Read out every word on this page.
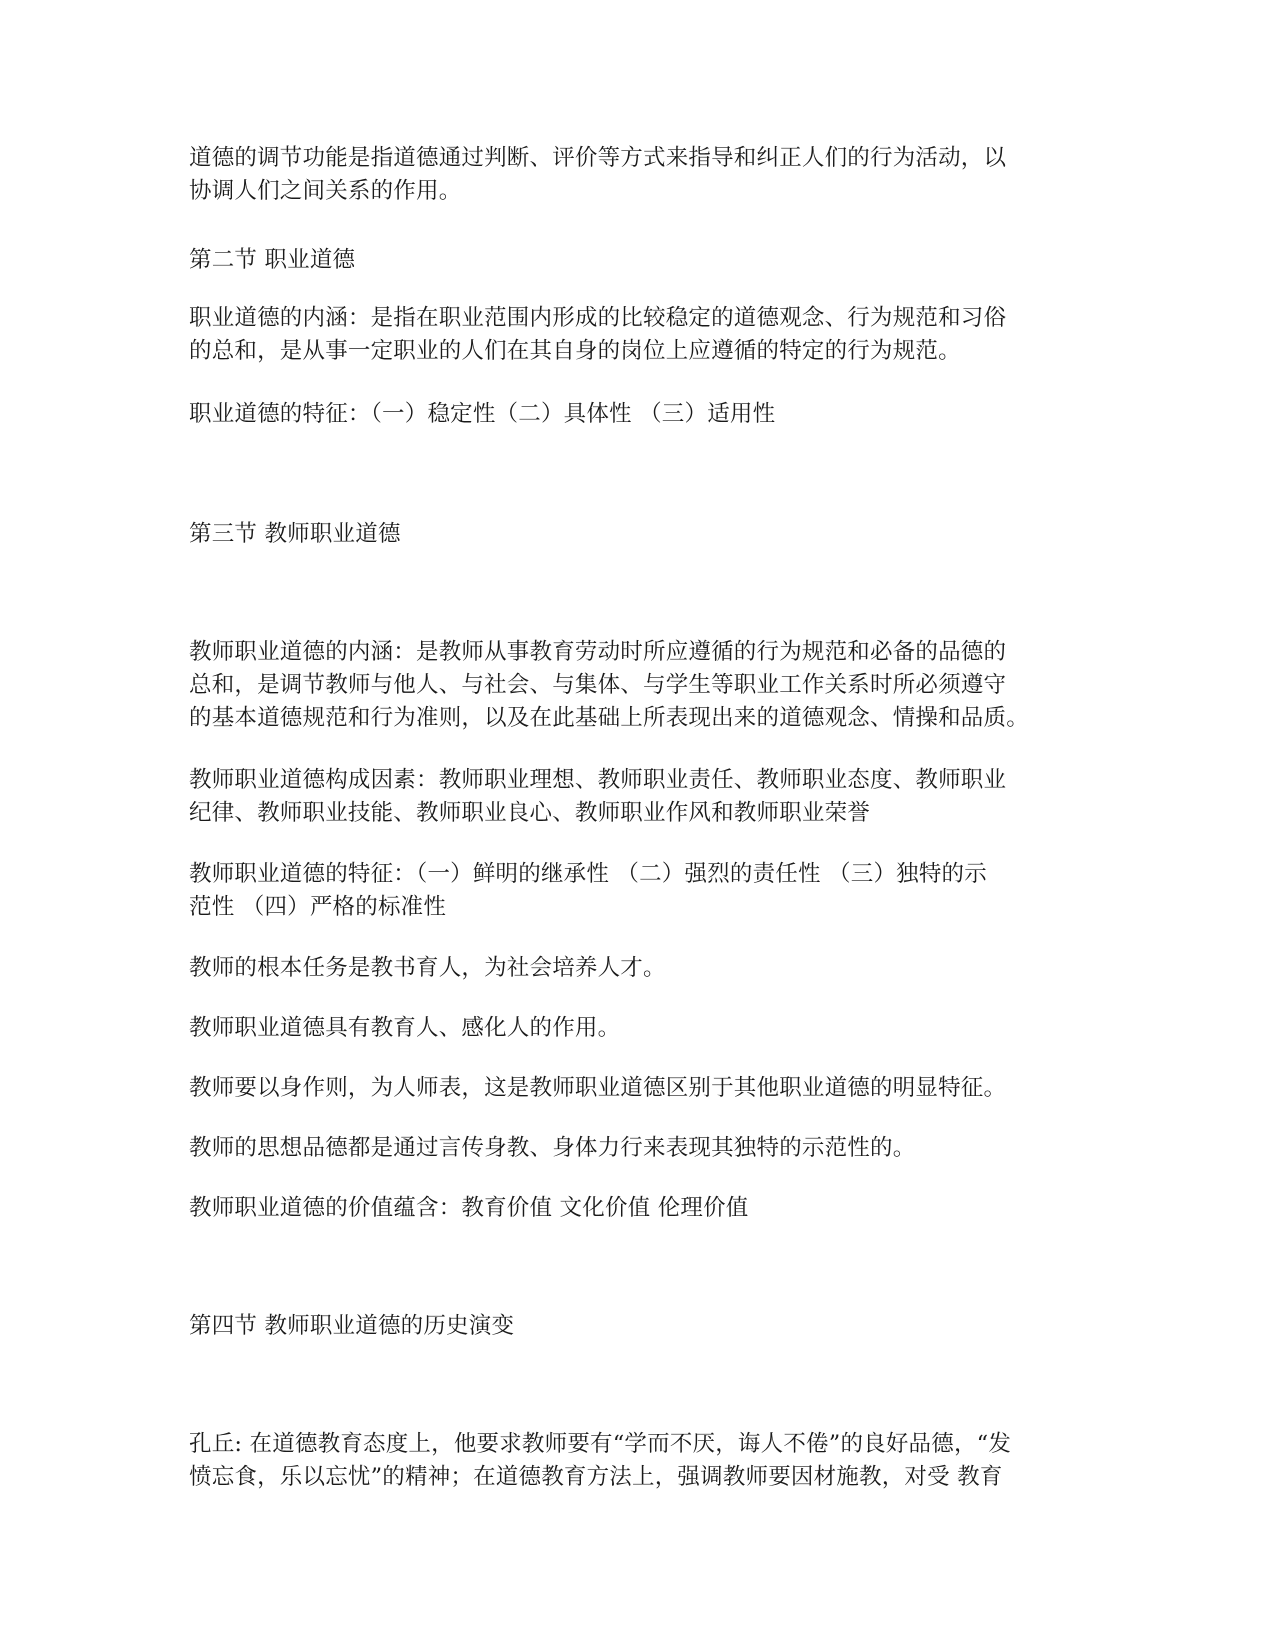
道德的调节功能是指道德通过判断、评价等方式来指导和纠正人们的行为活动，以
协调人们之间关系的作用。
第二节 职业道德
职业道德的内涵：是指在职业范围内形成的比较稳定的道德观念、行为规范和习俗
的总和，是从事一定职业的人们在其自身的岗位上应遵循的特定的行为规范。
职业道德的特征：（一）稳定性（二）具体性 （三）适用性
第三节 教师职业道德
教师职业道德的内涵：是教师从事教育劳动时所应遵循的行为规范和必备的品德的
总和，是调节教师与他人、与社会、与集体、与学生等职业工作关系时所必须遵守
的基本道德规范和行为准则，以及在此基础上所表现出来的道德观念、情操和品质。
教师职业道德构成因素：教师职业理想、教师职业责任、教师职业态度、教师职业
纪律、教师职业技能、教师职业良心、教师职业作风和教师职业荣誉
教师职业道德的特征：（一）鲜明的继承性 （二）强烈的责任性 （三）独特的示
范性 （四）严格的标准性
教师的根本任务是教书育人，为社会培养人才。
教师职业道德具有教育人、感化人的作用。
教师要以身作则，为人师表，这是教师职业道德区别于其他职业道德的明显特征。
教师的思想品德都是通过言传身教、身体力行来表现其独特的示范性的。
教师职业道德的价值蕴含：教育价值 文化价值 伦理价值
第四节 教师职业道德的历史演变
孔丘: 在道德教育态度上，他要求教师要有“学而不厌，诲人不倦”的良好品德，“发
愤忘食，乐以忘忧”的精神；在道德教育方法上，强调教师要因材施教，对受 教育
